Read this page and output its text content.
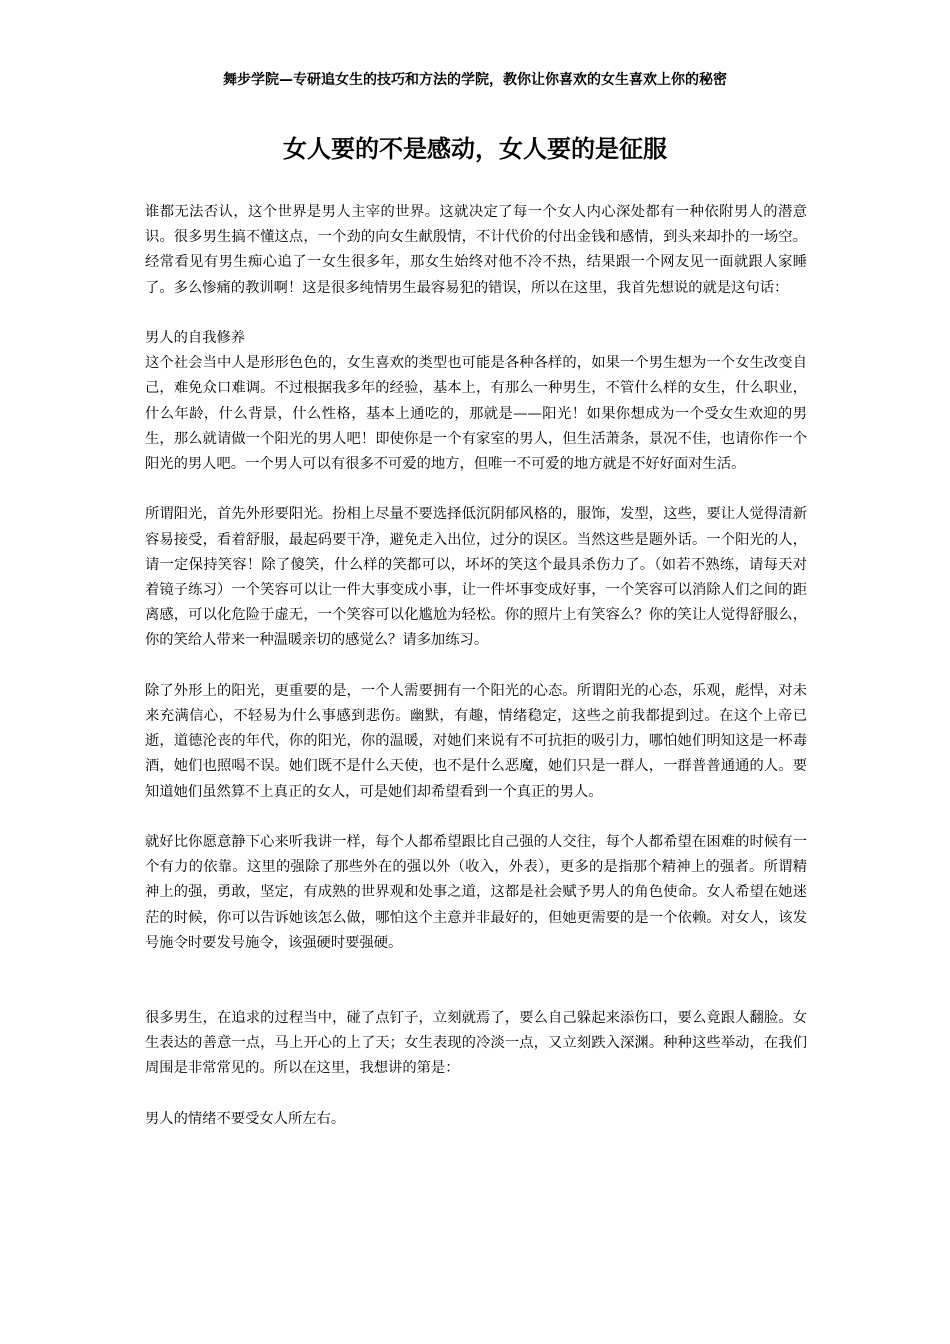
舞步学院—专研追女生的技巧和方法的学院，教你让你喜欢的女生喜欢上你的秘密
女人要的不是感动，女人要的是征服

谁都无法否认，这个世界是男人主宰的世界。这就决定了每一个女人内心深处都有一种依附男人的潜意识。很多男生搞不懂这点，一个劲的向女生献殷情，不计代价的付出金钱和感情，到头来却扑的一场空。经常看见有男生痴心追了一女生很多年，那女生始终对他不冷不热，结果跟一个网友见一面就跟人家睡了。多么惨痛的教训啊！这是很多纯情男生最容易犯的错误，所以在这里，我首先想说的就是这句话：

男人的自我修养

这个社会当中人是形形色色的，女生喜欢的类型也可能是各种各样的，如果一个男生想为一个女生改变自己，难免众口难调。不过根据我多年的经验，基本上，有那么一种男生，不管什么样的女生，什么职业，什么年龄，什么背景，什么性格，基本上通吃的，那就是——阳光！如果你想成为一个受女生欢迎的男生，那么就请做一个阳光的男人吧！即使你是一个有家室的男人，但生活萧条，景况不佳，也请你作一个阳光的男人吧。一个男人可以有很多不可爱的地方，但唯一不可爱的地方就是不好好面对生活。

所谓阳光，首先外形要阳光。扮相上尽量不要选择低沉阴郁风格的，服饰，发型，这些，要让人觉得清新容易接受，看着舒服，最起码要干净，避免走入出位，过分的误区。当然这些是题外话。一个阳光的人，请一定保持笑容！除了傻笑，什么样的笑都可以，坏坏的笑这个最具杀伤力了。（如若不熟练，请每天对着镜子练习）一个笑容可以让一件大事变成小事，让一件坏事变成好事，一个笑容可以消除人们之间的距离感，可以化危险于虚无，一个笑容可以化尴尬为轻松。你的照片上有笑容么？你的笑让人觉得舒服么，你的笑给人带来一种温暖亲切的感觉么？请多加练习。

除了外形上的阳光，更重要的是，一个人需要拥有一个阳光的心态。所谓阳光的心态，乐观，彪悍，对未来充满信心，不轻易为什么事感到悲伤。幽默，有趣，情绪稳定，这些之前我都提到过。在这个上帝已逝，道德沦丧的年代，你的阳光，你的温暖，对她们来说有不可抗拒的吸引力，哪怕她们明知这是一杯毒酒，她们也照喝不误。她们既不是什么天使，也不是什么恶魔，她们只是一群人，一群普普通通的人。要知道她们虽然算不上真正的女人，可是她们却希望看到一个真正的男人。

就好比你愿意静下心来听我讲一样，每个人都希望跟比自己强的人交往，每个人都希望在困难的时候有一个有力的依靠。这里的强除了那些外在的强以外（收入，外表），更多的是指那个精神上的强者。所谓精神上的强，勇敢，坚定，有成熟的世界观和处事之道，这都是社会赋予男人的角色使命。女人希望在她迷茫的时候，你可以告诉她该怎么做，哪怕这个主意并非最好的，但她更需要的是一个依赖。对女人，该发号施令时要发号施令，该强硬时要强硬。

很多男生，在追求的过程当中，碰了点钉子，立刻就焉了，要么自己躲起来添伤口，要么竟跟人翻脸。女生表达的善意一点，马上开心的上了天；女生表现的冷淡一点，又立刻跌入深渊。种种这些举动，在我们周围是非常常见的。所以在这里，我想讲的第是：

男人的情绪不要受女人所左右。
